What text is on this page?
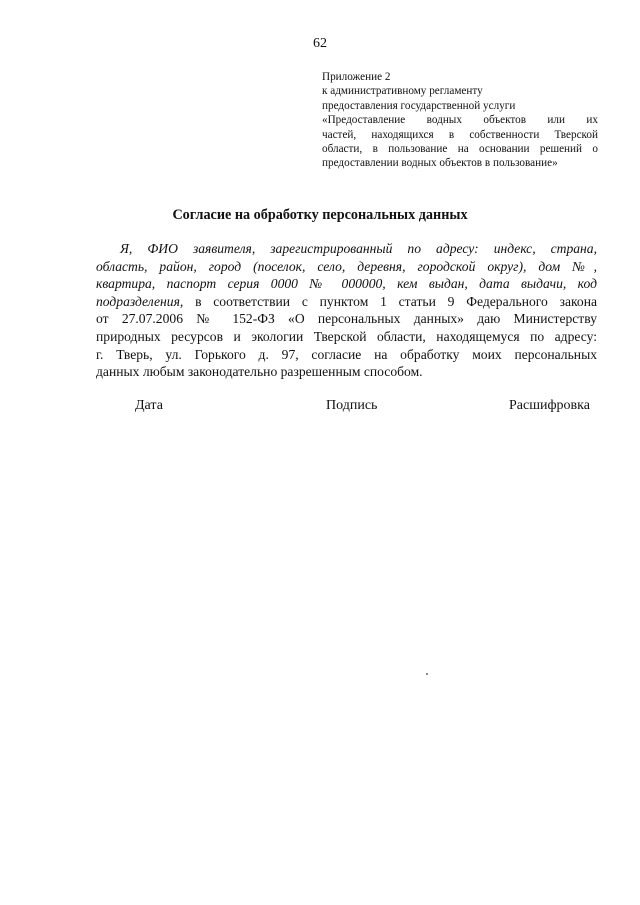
62
Приложение 2
к административному регламенту
предоставления государственной услуги
«Предоставление водных объектов или их
частей, находящихся в собственности Тверской
области, в пользование на основании решений о
предоставлении водных объектов в пользование»
Согласие на обработку персональных данных
Я, ФИО заявителя, зарегистрированный по адресу: индекс, страна,
область, район, город (поселок, село, деревня, городской округ), дом №,
квартира, паспорт серия 0000 № 000000, кем выдан, дата выдачи, код
подразделения, в соответствии с пунктом 1 статьи 9 Федерального закона
от 27.07.2006 № 152-ФЗ «О персональных данных» даю Министерству
природных ресурсов и экологии Тверской области, находящемуся по адресу:
г. Тверь, ул. Горького д. 97, согласие на обработку моих персональных
данных любым законодательно разрешенным способом.
Дата	Подпись	Расшифровка
